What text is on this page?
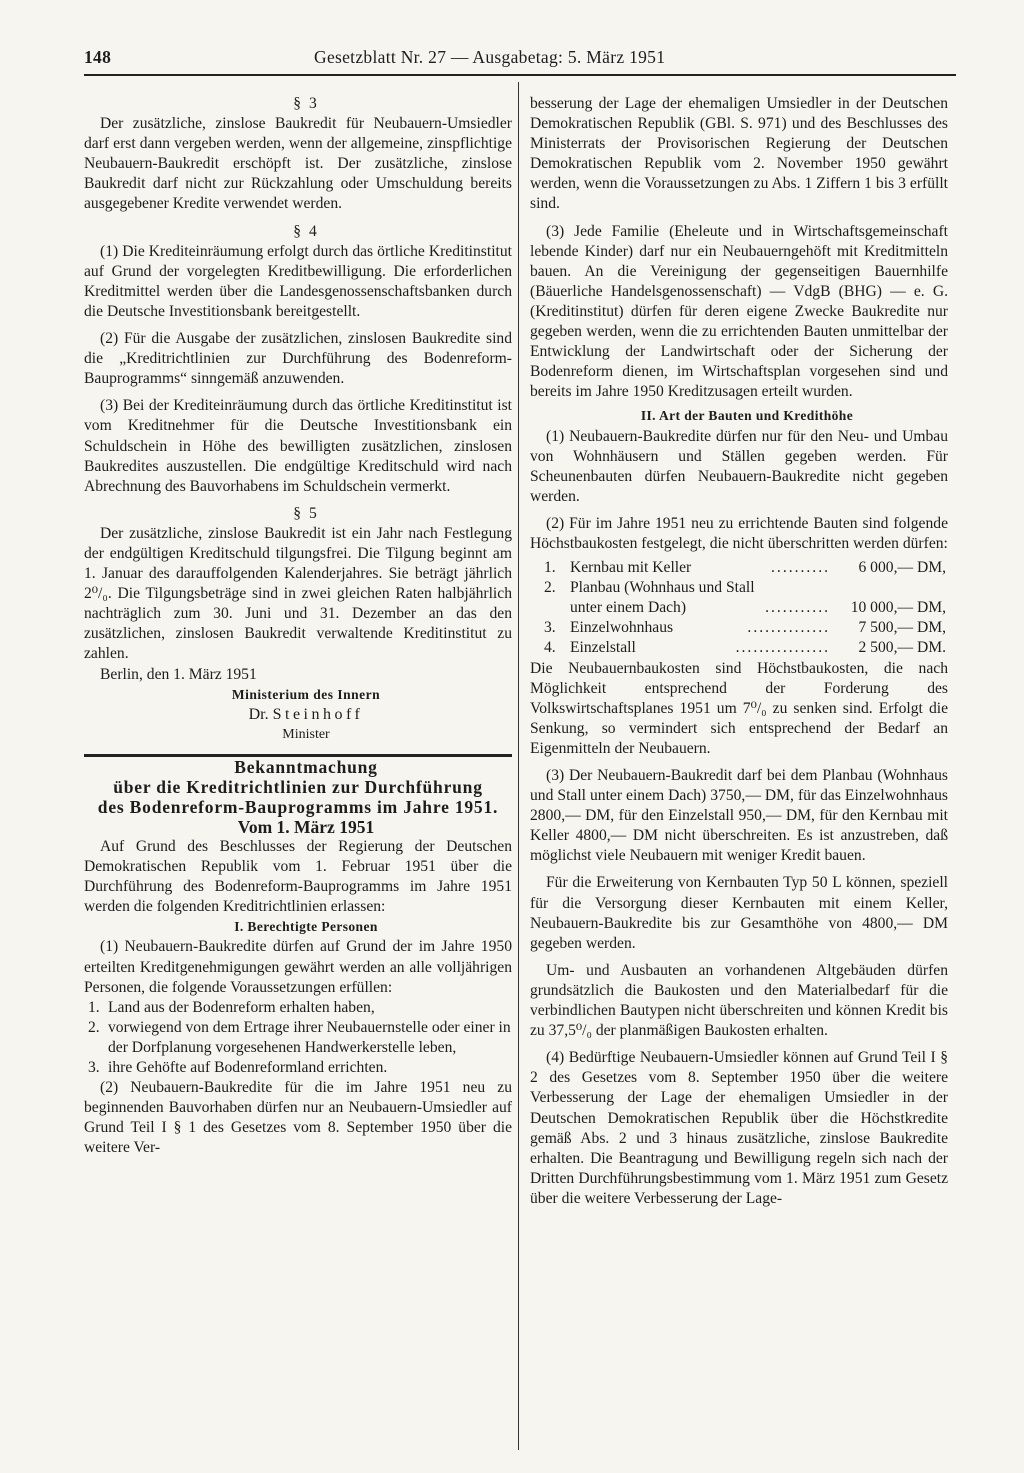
148	Gesetzblatt Nr. 27 — Ausgabetag: 5. März 1951

§ 3

Der zusätzliche, zinslose Baukredit für Neubauern-Umsiedler darf erst dann vergeben werden, wenn der allgemeine, zinspflichtige Neubauern-Baukredit erschöpft ist. Der zusätzliche, zinslose Baukredit darf nicht zur Rückzahlung oder Umschuldung bereits ausgegebener Kredite verwendet werden.

§ 4

(1) Die Krediteinräumung erfolgt durch das örtliche Kreditinstitut auf Grund der vorgelegten Kreditbewilligung. Die erforderlichen Kreditmittel werden über die Landesgenossenschaftsbanken durch die Deutsche Investitionsbank bereitgestellt.

(2) Für die Ausgabe der zusätzlichen, zinslosen Baukredite sind die „Kreditrichtlinien zur Durchführung des Bodenreform-Bauprogramms“ sinngemäß anzuwenden.

(3) Bei der Krediteinräumung durch das örtliche Kreditinstitut ist vom Kreditnehmer für die Deutsche Investitionsbank ein Schuldschein in Höhe des bewilligten zusätzlichen, zinslosen Baukredites auszustellen. Die endgültige Kreditschuld wird nach Abrechnung des Bauvorhabens im Schuldschein vermerkt.

§ 5

Der zusätzliche, zinslose Baukredit ist ein Jahr nach Festlegung der endgültigen Kreditschuld tilgungsfrei. Die Tilgung beginnt am 1. Januar des darauffolgenden Kalenderjahres. Sie beträgt jährlich 2⁰/₀. Die Tilgungsbeträge sind in zwei gleichen Raten halbjährlich nachträglich zum 30. Juni und 31. Dezember an das den zusätzlichen, zinslosen Baukredit verwaltende Kreditinstitut zu zahlen.

Berlin, den 1. März 1951

Ministerium des Innern

Dr. Steinhoff

Minister

Bekanntmachung
über die Kreditrichtlinien zur Durchführung
des Bodenreform-Bauprogramms im Jahre 1951.

Vom 1. März 1951

Auf Grund des Beschlusses der Regierung der Deutschen Demokratischen Republik vom 1. Februar 1951 über die Durchführung des Bodenreform-Bauprogramms im Jahre 1951 werden die folgenden Kreditrichtlinien erlassen:

I. Berechtigte Personen

(1) Neubauern-Baukredite dürfen auf Grund der im Jahre 1950 erteilten Kreditgenehmigungen gewährt werden an alle volljährigen Personen, die folgende Voraussetzungen erfüllen:

1. Land aus der Bodenreform erhalten haben,
2. vorwiegend von dem Ertrage ihrer Neubauernstelle oder einer in der Dorfplanung vorgesehenen Handwerkerstelle leben,
3. ihre Gehöfte auf Bodenreformland errichten.

(2) Neubauern-Baukredite für die im Jahre 1951 neu zu beginnenden Bauvorhaben dürfen nur an Neubauern-Umsiedler auf Grund Teil I § 1 des Gesetzes vom 8. September 1950 über die weitere Ver-

besserung der Lage der ehemaligen Umsiedler in der Deutschen Demokratischen Republik (GBl. S. 971) und des Beschlusses des Ministerrats der Provisorischen Regierung der Deutschen Demokratischen Republik vom 2. November 1950 gewährt werden, wenn die Voraussetzungen zu Abs. 1 Ziffern 1 bis 3 erfüllt sind.

(3) Jede Familie (Eheleute und in Wirtschaftsgemeinschaft lebende Kinder) darf nur ein Neubauerngehöft mit Kreditmitteln bauen. An die Vereinigung der gegenseitigen Bauernhilfe (Bäuerliche Handelsgenossenschaft) — VdgB (BHG) — e. G. (Kreditinstitut) dürfen für deren eigene Zwecke Baukredite nur gegeben werden, wenn die zu errichtenden Bauten unmittelbar der Entwicklung der Landwirtschaft oder der Sicherung der Bodenreform dienen, im Wirtschaftsplan vorgesehen sind und bereits im Jahre 1950 Kreditzusagen erteilt wurden.

II. Art der Bauten und Kredithöhe

(1) Neubauern-Baukredite dürfen nur für den Neu- und Umbau von Wohnhäusern und Ställen gegeben werden. Für Scheunenbauten dürfen Neubauern-Baukredite nicht gegeben werden.

(2) Für im Jahre 1951 neu zu errichtende Bauten sind folgende Höchstbaukosten festgelegt, die nicht überschritten werden dürfen:

1. Kernbau mit Keller	.......... 6 000,— DM,
2. Planbau (Wohnhaus und Stall
unter einem Dach)	........... 10 000,— DM,
3. Einzelwohnhaus	.............. 7 500,— DM,
4. Einzelstall	................ 2 500,— DM.

Die Neubauernbaukosten sind Höchstbaukosten, die nach Möglichkeit entsprechend der Forderung des Volkswirtschaftsplanes 1951 um 7⁰/₀ zu senken sind. Erfolgt die Senkung, so vermindert sich entsprechend der Bedarf an Eigenmitteln der Neubauern.

(3) Der Neubauern-Baukredit darf bei dem Planbau (Wohnhaus und Stall unter einem Dach) 3750,— DM, für das Einzelwohnhaus 2800,— DM, für den Einzelstall 950,— DM, für den Kernbau mit Keller 4800,— DM nicht überschreiten. Es ist anzustreben, daß möglichst viele Neubauern mit weniger Kredit bauen.

Für die Erweiterung von Kernbauten Typ 50 L können, speziell für die Versorgung dieser Kernbauten mit einem Keller, Neubauern-Baukredite bis zur Gesamthöhe von 4800,— DM gegeben werden.

Um- und Ausbauten an vorhandenen Altgebäuden dürfen grundsätzlich die Baukosten und den Materialbedarf für die verbindlichen Bautypen nicht überschreiten und können Kredit bis zu 37,5⁰/₀ der planmäßigen Baukosten erhalten.

(4) Bedürftige Neubauern-Umsiedler können auf Grund Teil I § 2 des Gesetzes vom 8. September 1950 über die weitere Verbesserung der Lage der ehemaligen Umsiedler in der Deutschen Demokratischen Republik über die Höchstkredite gemäß Abs. 2 und 3 hinaus zusätzliche, zinslose Baukredite erhalten. Die Beantragung und Bewilligung regeln sich nach der Dritten Durchführungsbestimmung vom 1. März 1951 zum Gesetz über die weitere Verbesserung der Lage-
